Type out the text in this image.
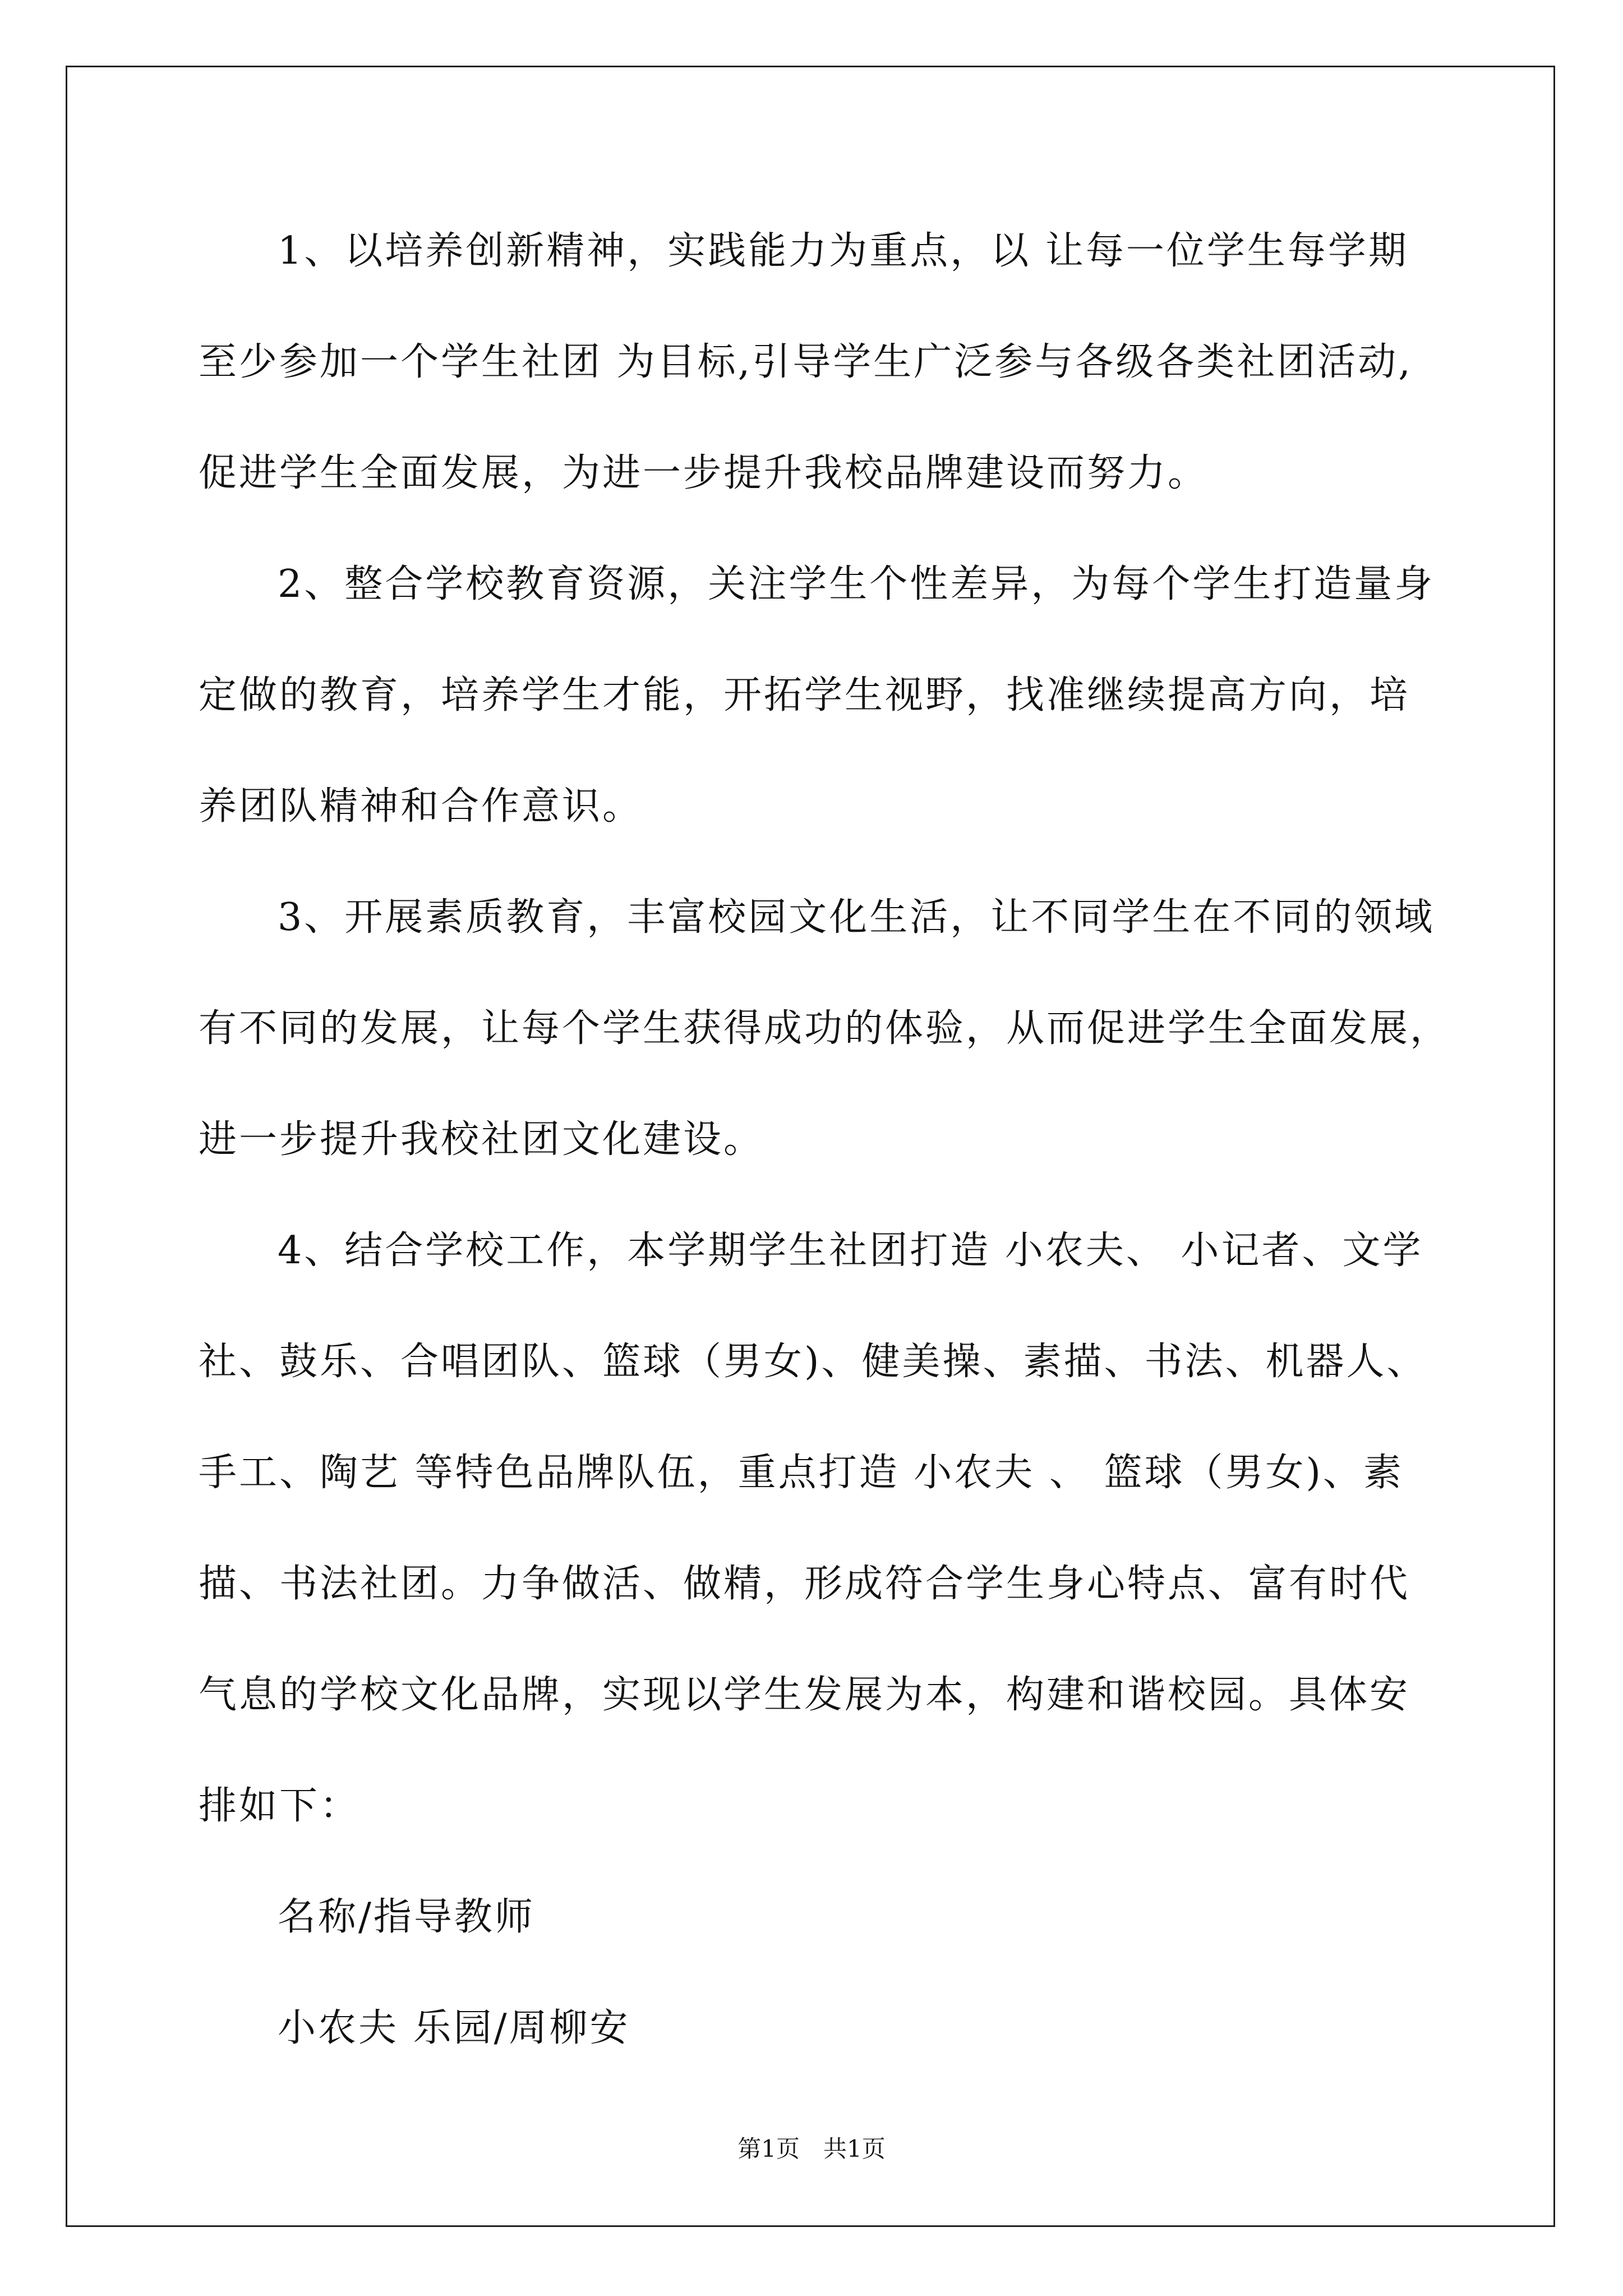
1、以培养创新精神，实践能力为重点，以 让每一位学生每学期
至少参加一个学生社团 为目标,引导学生广泛参与各级各类社团活动,
促进学生全面发展，为进一步提升我校品牌建设而努力。
2、整合学校教育资源，关注学生个性差异，为每个学生打造量身
定做的教育，培养学生才能，开拓学生视野，找准继续提高方向，培
养团队精神和合作意识。
3、开展素质教育，丰富校园文化生活，让不同学生在不同的领域
有不同的发展，让每个学生获得成功的体验，从而促进学生全面发展，
进一步提升我校社团文化建设。
4、结合学校工作，本学期学生社团打造 小农夫、 小记者、文学
社、鼓乐、合唱团队、篮球（男女)、健美操、素描、书法、机器人、
手工、陶艺 等特色品牌队伍，重点打造 小农夫 、 篮球（男女)、素
描、书法社团。力争做活、做精，形成符合学生身心特点、富有时代
气息的学校文化品牌，实现以学生发展为本，构建和谐校园。具体安
排如下：
名称/指导教师
小农夫 乐园/周柳安
第1页　共1页
